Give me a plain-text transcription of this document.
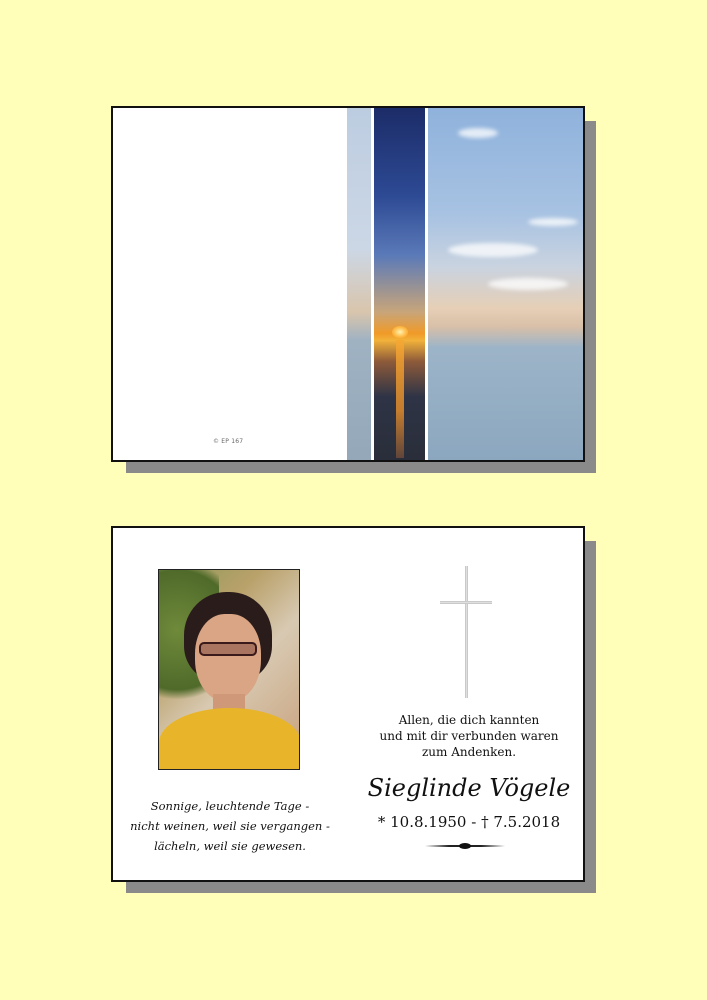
© EP 167
Sonnige, leuchtende Tage -
nicht weinen, weil sie vergangen -
lächeln, weil sie gewesen.
Allen, die dich kannten
und mit dir verbunden waren
zum Andenken.
Sieglinde Vögele
* 10.8.1950 - † 7.5.2018
